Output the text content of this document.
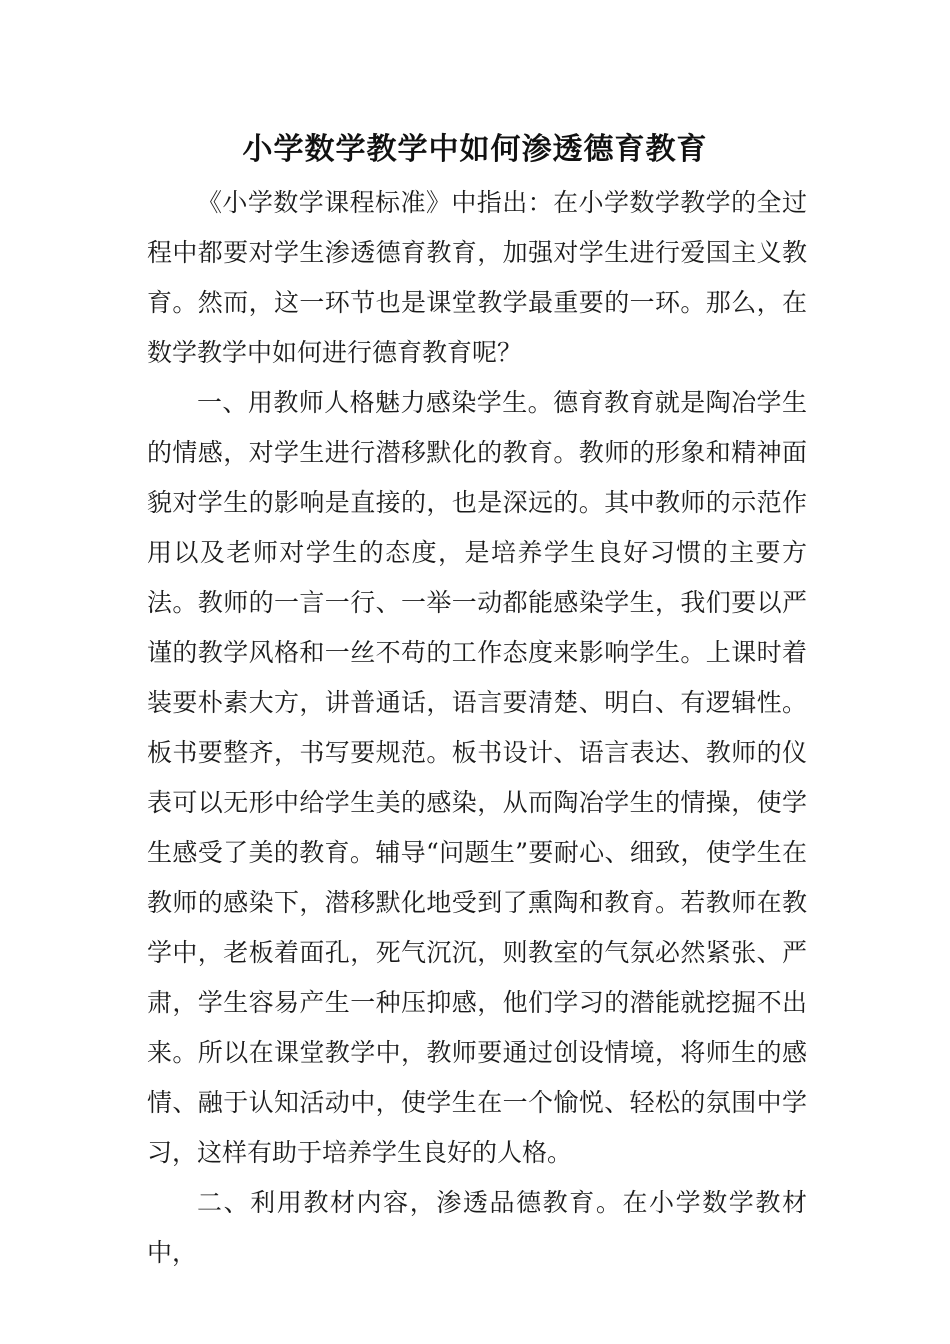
小学数学教学中如何渗透德育教育

《小学数学课程标准》中指出：在小学数学教学的全过程中都要对学生渗透德育教育，加强对学生进行爱国主义教育。然而，这一环节也是课堂教学最重要的一环。那么，在数学教学中如何进行德育教育呢？

一、用教师人格魅力感染学生。德育教育就是陶冶学生的情感，对学生进行潜移默化的教育。教师的形象和精神面貌对学生的影响是直接的，也是深远的。其中教师的示范作用以及老师对学生的态度，是培养学生良好习惯的主要方法。教师的一言一行、一举一动都能感染学生，我们要以严谨的教学风格和一丝不苟的工作态度来影响学生。上课时着装要朴素大方，讲普通话，语言要清楚、明白、有逻辑性。板书要整齐，书写要规范。板书设计、语言表达、教师的仪表可以无形中给学生美的感染，从而陶冶学生的情操，使学生感受了美的教育。辅导“问题生”要耐心、细致，使学生在教师的感染下，潜移默化地受到了熏陶和教育。若教师在教学中，老板着面孔，死气沉沉，则教室的气氛必然紧张、严肃，学生容易产生一种压抑感，他们学习的潜能就挖掘不出来。所以在课堂教学中，教师要通过创设情境，将师生的感情、融于认知活动中，使学生在一个愉悦、轻松的氛围中学习，这样有助于培养学生良好的人格。

二、利用教材内容，渗透品德教育。在小学数学教材中，
